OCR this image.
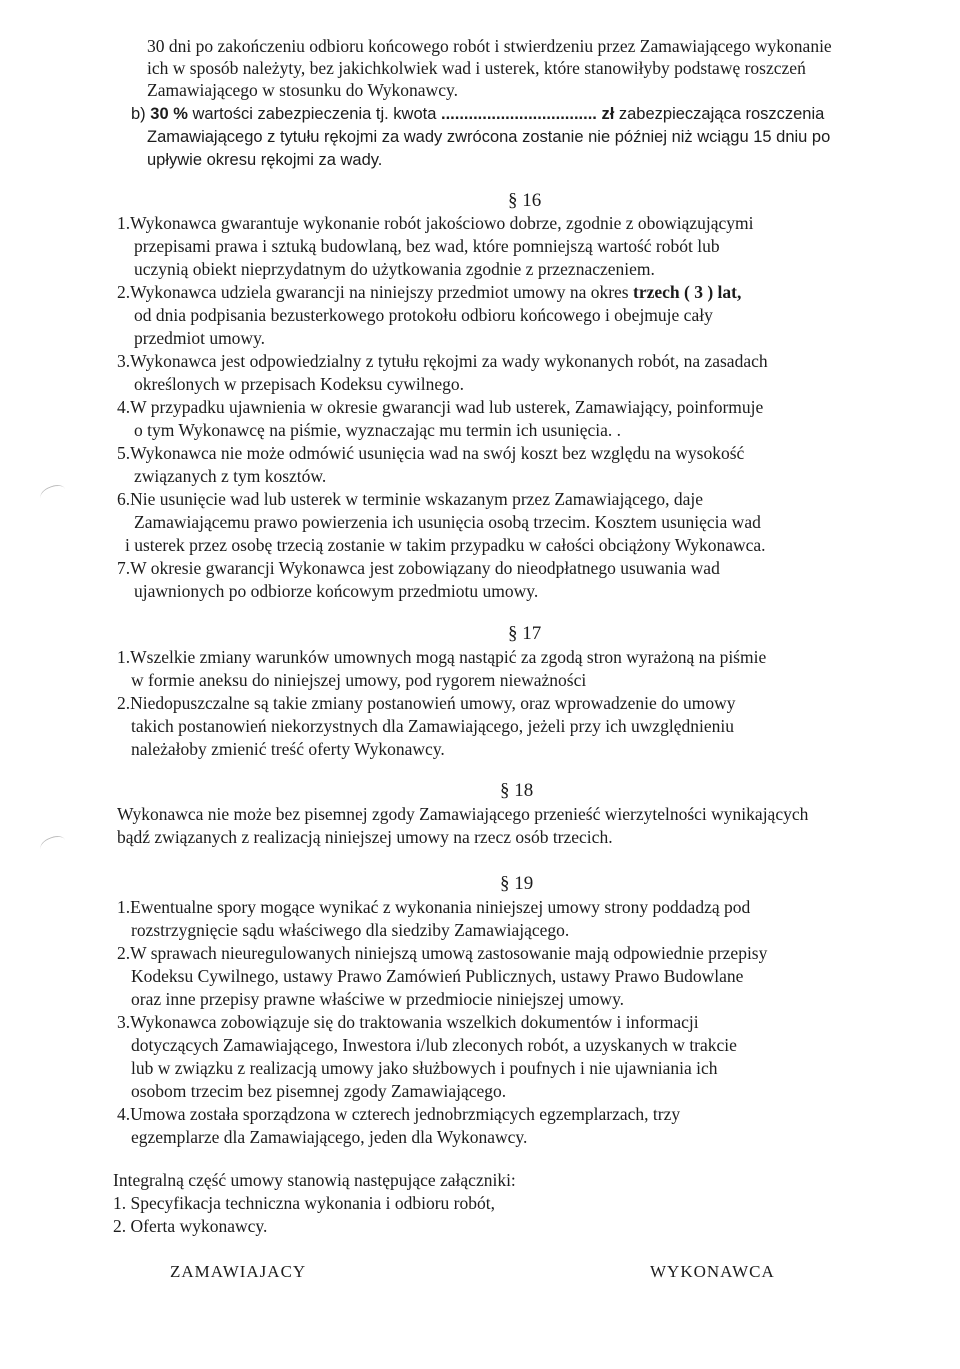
30 dni po zakończeniu odbioru końcowego robót i stwierdzeniu przez Zamawiającego wykonanie
ich w sposób należyty, bez jakichkolwiek wad i usterek, które stanowiłyby podstawę roszczeń
Zamawiającego w stosunku do Wykonawcy.
b) 30 % wartości zabezpieczenia tj. kwota .................................. zł zabezpieczająca roszczenia
Zamawiającego z tytułu rękojmi za wady zwrócona zostanie nie później niż wciągu 15 dniu po
upływie okresu rękojmi za wady.
§ 16
1.Wykonawca gwarantuje wykonanie robót jakościowo dobrze, zgodnie z obowiązującymi
przepisami prawa i sztuką budowlaną, bez wad, które pomniejszą wartość robót lub
uczynią obiekt nieprzydatnym do użytkowania zgodnie z przeznaczeniem.
2.Wykonawca udziela gwarancji na niniejszy przedmiot umowy na okres trzech ( 3 ) lat,
od dnia podpisania bezusterkowego protokołu odbioru końcowego i obejmuje cały
przedmiot umowy.
3.Wykonawca jest odpowiedzialny z tytułu rękojmi za wady wykonanych robót, na zasadach
określonych w przepisach Kodeksu cywilnego.
4.W przypadku ujawnienia w okresie gwarancji wad lub usterek, Zamawiający, poinformuje
o tym Wykonawcę na piśmie, wyznaczając mu termin ich usunięcia. .
5.Wykonawca nie może odmówić usunięcia wad na swój koszt bez względu na wysokość
związanych z tym kosztów.
6.Nie usunięcie wad lub usterek w terminie wskazanym przez Zamawiającego, daje
Zamawiającemu prawo powierzenia ich usunięcia osobą trzecim. Kosztem usunięcia wad
i usterek przez osobę trzecią zostanie w takim przypadku w całości obciążony Wykonawca.
7.W okresie gwarancji Wykonawca jest zobowiązany do nieodpłatnego usuwania wad
ujawnionych po odbiorze końcowym przedmiotu umowy.
§ 17
1.Wszelkie zmiany warunków umownych mogą nastąpić za zgodą stron wyrażoną na piśmie
w formie aneksu do niniejszej umowy, pod rygorem nieważności
2.Niedopuszczalne są takie zmiany postanowień umowy, oraz wprowadzenie do umowy
takich postanowień niekorzystnych dla Zamawiającego, jeżeli przy ich uwzględnieniu
należałoby zmienić treść oferty Wykonawcy.
§ 18
Wykonawca nie może bez pisemnej zgody Zamawiającego przenieść wierzytelności wynikających
bądź związanych z realizacją niniejszej umowy na rzecz osób trzecich.
§ 19
1.Ewentualne spory mogące wynikać z wykonania niniejszej umowy strony poddadzą pod
rozstrzygnięcie sądu właściwego dla siedziby Zamawiającego.
2.W sprawach nieuregulowanych niniejszą umową zastosowanie mają odpowiednie przepisy
Kodeksu Cywilnego, ustawy Prawo Zamówień Publicznych, ustawy Prawo Budowlane
oraz inne przepisy prawne właściwe w przedmiocie niniejszej umowy.
3.Wykonawca zobowiązuje się do traktowania wszelkich dokumentów i informacji
dotyczących Zamawiającego, Inwestora i/lub zleconych robót, a uzyskanych w trakcie
lub w związku z realizacją umowy jako służbowych i poufnych i nie ujawniania ich
osobom trzecim bez pisemnej zgody Zamawiającego.
4.Umowa została sporządzona w czterech jednobrzmiących egzemplarzach, trzy
egzemplarze dla Zamawiającego, jeden dla Wykonawcy.
Integralną część umowy stanowią następujące załączniki:
1. Specyfikacja techniczna wykonania i odbioru robót,
2. Oferta wykonawcy.
ZAMAWIAJACY	WYKONAWCA
